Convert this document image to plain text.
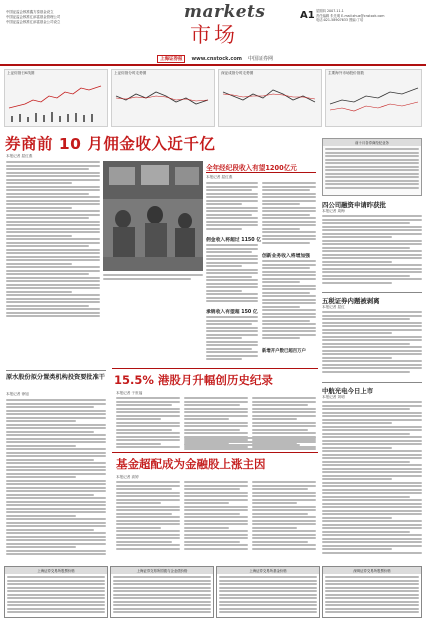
中国证监会核准鑫方泰基金设立
中国证监会核准汇添富基金管理公司
中国证监会核准汇添富基金公司设立	markets
市场
A1 星期四 2007.11.1
责任编辑 朱先明 E-mail:zhux@cnstock.com
电话:021-58907633 图编:丁培
上海证券报	www.cnstock.com 中国证券网
上证综指日K线图	上证综指分时走势图	深证成指分时走势图	主要海外市场股价指数
券商前 10 月佣金收入近千亿
本报记者 屈红燕
全年经纪段收入有望1200亿元
本报记者 屈红燕
佣金收入将超过 1150 亿
承销收入有望超 150 亿
创新业务收入将增加强
前十月各券商经纪业务
四公司融资申请昨获批
本报记者 周梅
五税证券内题被剥离
本报记者 屈红
中航光电今日上市
本报记者 刘明
原水股份拟分置类机构投资要批准干
本报记者 徐旭
15.5% 港股月升幅创历史纪录
本报记者 于世福
基金超配成为金融股上涨主因
本报记者 高婷
上海证券交易所股票价格	上海证券交易所国债与企业债价格	上海证券交易所基金价格	深圳证券交易所股票价格
新增开户数已超百万户
